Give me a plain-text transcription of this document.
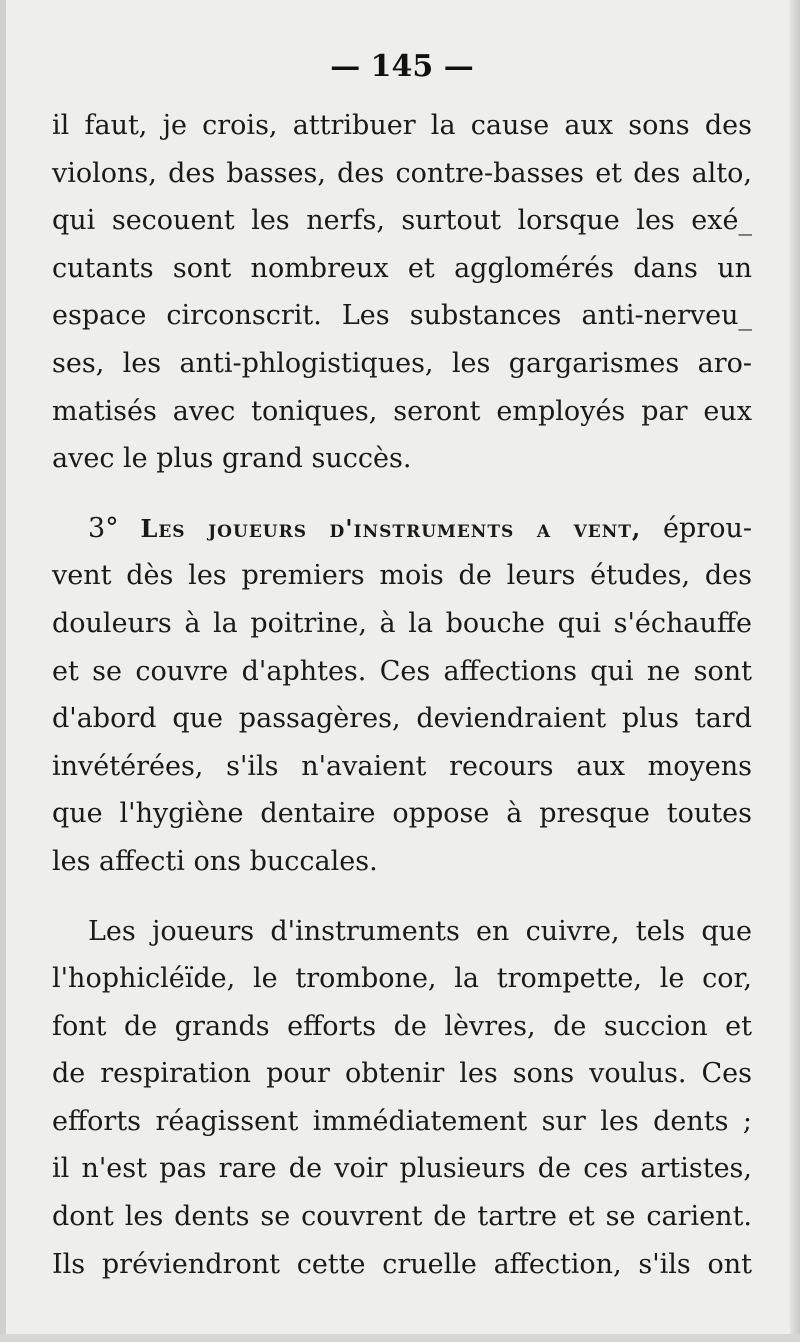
— 145 —

il faut, je crois, attribuer la cause aux sons des
violons, des basses, des contre-basses et des alto,
qui secouent les nerfs, surtout lorsque les exé_
cutants sont nombreux et agglomérés dans un
espace circonscrit. Les substances anti-nerveu_
ses, les anti-phlogistiques, les gargarismes aro-
matisés avec toniques, seront employés par eux
avec le plus grand succès.

3° Les joueurs d'instruments a vent, éprou-
vent dès les premiers mois de leurs études, des
douleurs à la poitrine, à la bouche qui s'échauffe
et se couvre d'aphtes. Ces affections qui ne sont
d'abord que passagères, deviendraient plus tard
invétérées, s'ils n'avaient recours aux moyens
que l'hygiène dentaire oppose à presque toutes
les affecti ons buccales.

Les joueurs d'instruments en cuivre, tels que
l'hophicléïde, le trombone, la trompette, le cor,
font de grands efforts de lèvres, de succion et
de respiration pour obtenir les sons voulus. Ces
efforts réagissent immédiatement sur les dents ;
il n'est pas rare de voir plusieurs de ces artistes,
dont les dents se couvrent de tartre et se carient.
Ils préviendront cette cruelle affection, s'ils ont
